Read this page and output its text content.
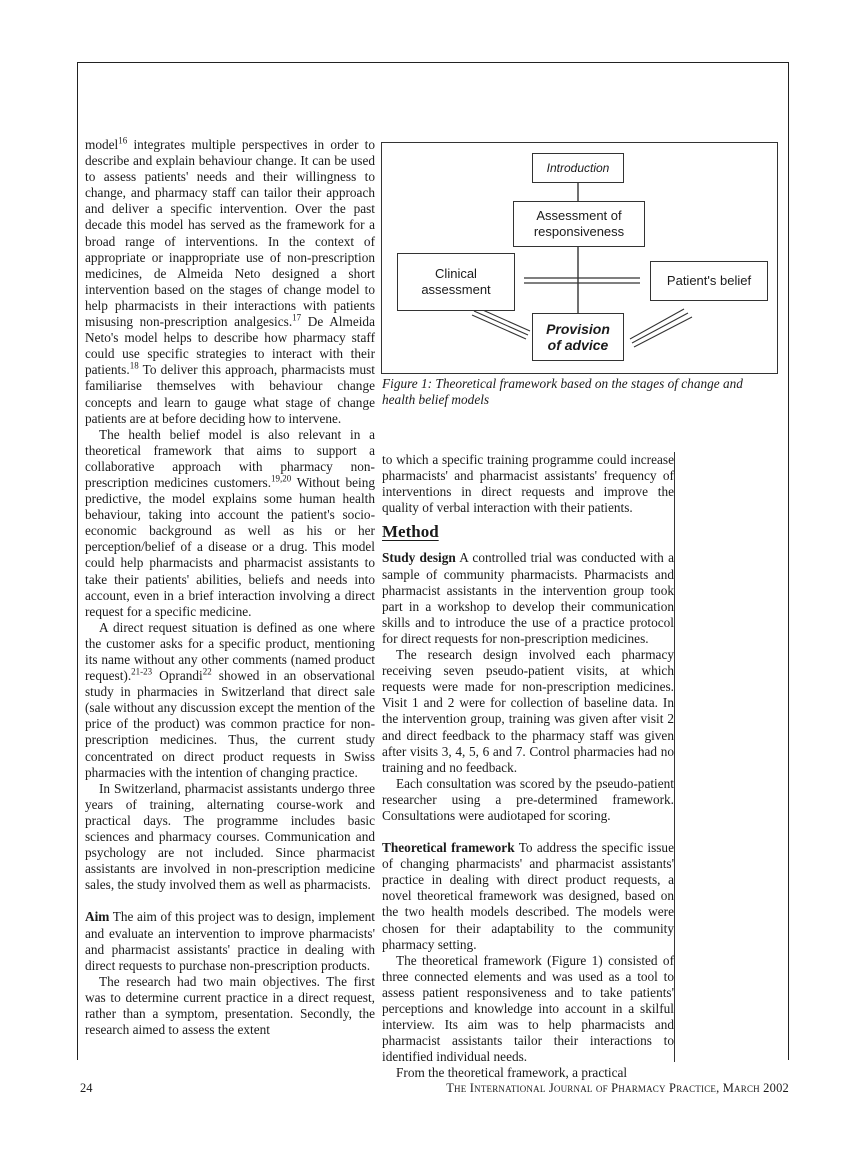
model$^{16}$ integrates multiple perspectives in order to describe and explain behaviour change. It can be used to assess patients' needs and their willingness to change, and pharmacy staff can tailor their approach and deliver a specific intervention. Over the past decade this model has served as the framework for a broad range of interventions. In the context of appropriate or inappropriate use of non-prescription medicines, de Almeida Neto designed a short intervention based on the stages of change model to help pharmacists in their interactions with patients misusing non-prescription analgesics.$^{17}$ De Almeida Neto's model helps to describe how pharmacy staff could use specific strategies to interact with their patients.$^{18}$ To deliver this approach, pharmacists must familiarise themselves with behaviour change concepts and learn to gauge what stage of change patients are at before deciding how to intervene.

The health belief model is also relevant in a theoretical framework that aims to support a collaborative approach with pharmacy non-prescription medicines customers.$^{19,20}$ Without being predictive, the model explains some human health behaviour, taking into account the patient's socio-economic background as well as his or her perception/belief of a disease or a drug. This model could help pharmacists and pharmacist assistants to take their patients' abilities, beliefs and needs into account, even in a brief interaction involving a direct request for a specific medicine.

A direct request situation is defined as one where the customer asks for a specific product, mentioning its name without any other comments (named product request).$^{21-23}$ Oprandi$^{22}$ showed in an observational study in pharmacies in Switzerland that direct sale (sale without any discussion except the mention of the price of the product) was common practice for non-prescription medicines. Thus, the current study concentrated on direct product requests in Swiss pharmacies with the intention of changing practice.

In Switzerland, pharmacist assistants undergo three years of training, alternating course-work and practical days. The programme includes basic sciences and pharmacy courses. Communication and psychology are not included. Since pharmacist assistants are involved in non-prescription medicine sales, the study involved them as well as pharmacists.

Aim The aim of this project was to design, implement and evaluate an intervention to improve pharmacists' and pharmacist assistants' practice in dealing with direct requests to purchase non-prescription products.

The research had two main objectives. The first was to determine current practice in a direct request, rather than a symptom, presentation. Secondly, the research aimed to assess the extent

Introduction
Assessment of
responsiveness
Clinical
assessment
Patient's belief
Provision
of advice
Figure 1: Theoretical framework based on the stages of change and
health belief models

to which a specific training programme could increase pharmacists' and pharmacist assistants' frequency of interventions in direct requests and improve the quality of verbal interaction with their patients.

Method

Study design A controlled trial was conducted with a sample of community pharmacists. Pharmacists and pharmacist assistants in the intervention group took part in a workshop to develop their communication skills and to introduce the use of a practice protocol for direct requests for non-prescription medicines.

The research design involved each pharmacy receiving seven pseudo-patient visits, at which requests were made for non-prescription medicines. Visit 1 and 2 were for collection of baseline data. In the intervention group, training was given after visit 2 and direct feedback to the pharmacy staff was given after visits 3, 4, 5, 6 and 7. Control pharmacies had no training and no feedback.

Each consultation was scored by the pseudo-patient researcher using a pre-determined framework. Consultations were audiotaped for scoring.

Theoretical framework To address the specific issue of changing pharmacists' and pharmacist assistants' practice in dealing with direct product requests, a novel theoretical framework was designed, based on the two health models described. The models were chosen for their adaptability to the community pharmacy setting.

The theoretical framework (Figure 1) consisted of three connected elements and was used as a tool to assess patient responsiveness and to take patients' perceptions and knowledge into account in a skilful interview. Its aim was to help pharmacists and pharmacist assistants tailor their interactions to identified individual needs.

From the theoretical framework, a practical

24	The International Journal of Pharmacy Practice, March 2002
